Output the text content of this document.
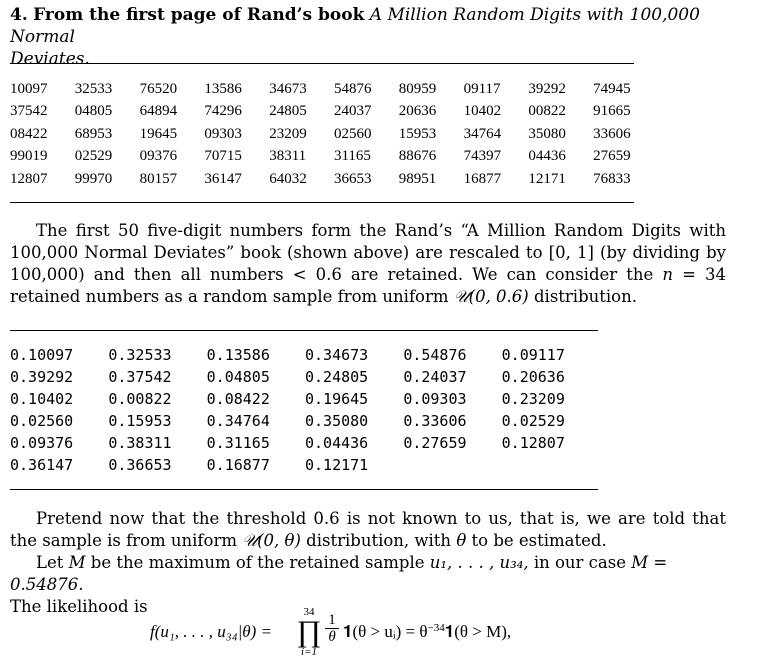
4. From the first page of Rand’s book A Million Random Digits with 100,000 Normal
Deviates.
10097	32533	76520	13586	34673	54876	80959	09117	39292	74945
37542	04805	64894	74296	24805	24037	20636	10402	00822	91665
08422	68953	19645	09303	23209	02560	15953	34764	35080	33606
99019	02529	09376	70715	38311	31165	88676	74397	04436	27659
12807	99970	80157	36147	64032	36653	98951	16877	12171	76833
The first 50 five-digit numbers form the Rand’s “A Million Random Digits with 100,000 Normal Deviates” book (shown above) are rescaled to [0, 1] (by dividing by 100,000) and then all numbers < 0.6 are retained. We can consider the n = 34 retained numbers as a random sample from uniform 𝒰(0, 0.6) distribution.
0.10097	0.32533	0.13586	0.34673	0.54876	0.09117
0.39292	0.37542	0.04805	0.24805	0.24037	0.20636
0.10402	0.00822	0.08422	0.19645	0.09303	0.23209
0.02560	0.15953	0.34764	0.35080	0.33606	0.02529
0.09376	0.38311	0.31165	0.04436	0.27659	0.12807
0.36147	0.36653	0.16877	0.12171
Pretend now that the threshold 0.6 is not known to us, that is, we are told that the sample is from uniform 𝒰(0, θ) distribution, with θ to be estimated.
Let M be the maximum of the retained sample u₁, . . . , u₃₄, in our case M = 0.54876.
The likelihood is
f(u₁, . . . , u₃₄|θ) =
34
∏
i=1
$\frac{1}{\theta}$ 𝟏(θ > uᵢ) = $\theta^{-34}𝟏(\theta > M)$,
